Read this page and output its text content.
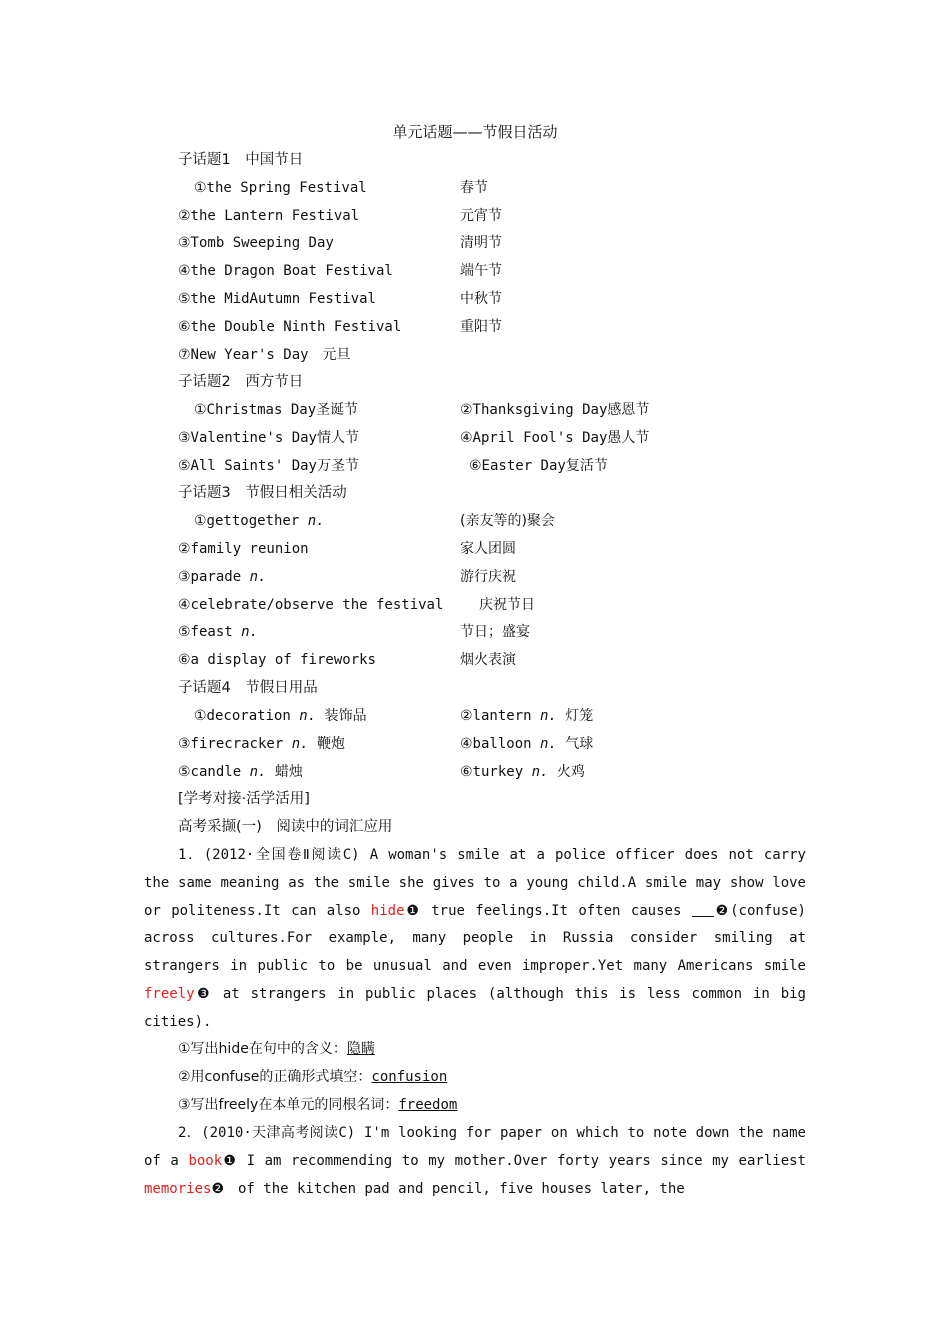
单元话题——节假日活动
子话题1　中国节日
①the Spring Festival	春节
②the Lantern Festival	元宵节
③Tomb Sweeping Day	清明节
④the Dragon Boat Festival	端午节
⑤the MidAutumn Festival	中秋节
⑥the Double Ninth Festival	重阳节
⑦New Year's Day　元旦
子话题2　西方节日
①Christmas Day圣诞节	②Thanksgiving Day感恩节
③Valentine's Day情人节	④April Fool's Day愚人节
⑤All Saints' Day万圣节	⑥Easter Day复活节
子话题3　节假日相关活动
①gettogether n.	(亲友等的)聚会
②family reunion	家人团圆
③parade n.	游行庆祝
④celebrate/observe the festival	庆祝节日
⑤feast n.	节日；盛宴
⑥a display of fireworks	烟火表演
子话题4　节假日用品
①decoration n. 装饰品	②lantern n. 灯笼
③firecracker n. 鞭炮	④balloon n. 气球
⑤candle n. 蜡烛	⑥turkey n. 火鸡
[学考对接·活学活用]
高考采撷(一)　阅读中的词汇应用
1．(2012·全国卷Ⅱ阅读C) A woman's smile at a police officer does not carry the same meaning as the smile she gives to a young child.A smile may show love or politeness.It can also hide❶ true feelings.It often causes ❷(confuse) across cultures.For example, many people in Russia consider smiling at strangers in public to be unusual and even improper.Yet many Americans smile freely❸ at strangers in public places (although this is less common in big cities).
①写出hide在句中的含义：隐瞒
②用confuse的正确形式填空：confusion
③写出freely在本单元的同根名词：freedom
2．(2010·天津高考阅读C) I'm looking for paper on which to note down the name of a book❶ I am recommending to my mother.Over forty years since my earliest memories❷　of the kitchen pad and pencil, five houses later, the
